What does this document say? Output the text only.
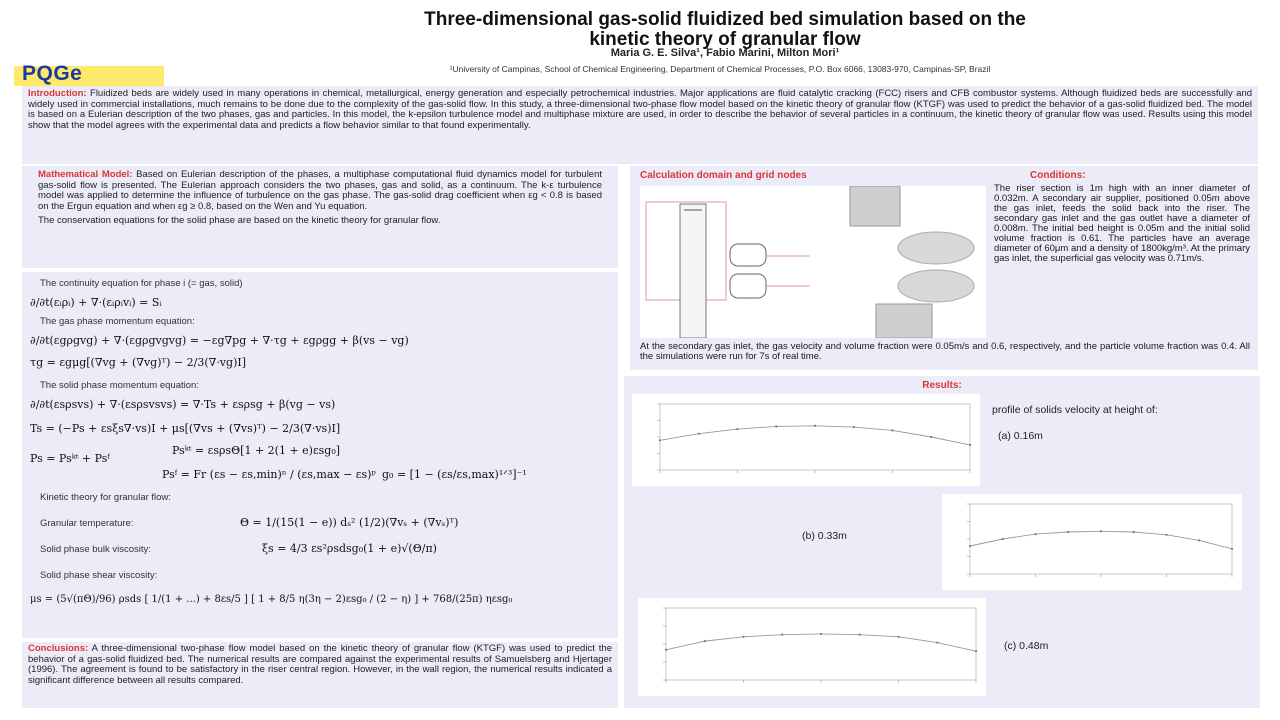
Three-dimensional gas-solid fluidized bed simulation based on the
kinetic theory of granular flow
Maria G. E. Silva¹, Fabio Marini, Milton Mori¹
¹University of Campinas, School of Chemical Engineering, Department of Chemical Processes, P.O. Box 6066, 13083-970, Campinas-SP, Brazil
PQGe
Introduction: Fluidized beds are widely used in many operations in chemical, metallurgical, energy generation and especially petrochemical industries. Major applications are fluid catalytic cracking (FCC) risers and CFB combustor systems. Although fluidized beds are successfully and widely used in commercial installations, much remains to be done due to the complexity of the gas-solid flow. In this study, a three-dimensional two-phase flow model based on the kinetic theory of granular flow (KTGF) was used to predict the behavior of a gas-solid fluidized bed. The model is based on a Eulerian description of the two phases, gas and particles. In this model, the k-epsilon turbulence model and multiphase mixture are used, in order to describe the behavior of several particles in a continuum, the kinetic theory of granular flow was used. Results using this model show that the model agrees with the experimental data and predicts a flow behavior similar to that found experimentally.
Mathematical Model: Based on Eulerian description of the phases, a multiphase computational fluid dynamics model for turbulent gas-solid flow is presented. The Eulerian approach considers the two phases, gas and solid, as a continuum. The k-ε turbulence model was applied to determine the influence of turbulence on the gas phase. The gas-solid drag coefficient when εg < 0.8 is based on the Ergun equation and when εg ≥ 0.8, based on the Wen and Yu equation.
The conservation equations for the solid phase are based on the kinetic theory for granular flow.
The continuity equation for phase i (= gas, solid)
∂/∂t(εᵢρᵢ) + ∇·(εᵢρᵢvᵢ) = Sᵢ
The gas phase momentum equation:
∂/∂t(εgρgvg) + ∇·(εgρgvgvg) = −εg∇pg + ∇·τg + εgρgg + β(vs − vg)
τg = εgμg[(∇vg + (∇vg)ᵀ) − 2/3(∇·vg)I]
The solid phase momentum equation:
∂/∂t(εsρsvs) + ∇·(εsρsvsvs) = ∇·Ts + εsρsg + β(vg − vs)
Ts = (−Ps + εsξs∇·vs)I + μs[(∇vs + (∇vs)ᵀ) − 2/3(∇·vs)I]
Ps = Psᵏᵗ + Psᶠ
Psᵏᵗ = εsρsΘ[1 + 2(1 + e)εsg₀]
Psᶠ = Fr (εs − εs,min)ⁿ / (εs,max − εs)ᵖ g₀ = [1 − (εs/εs,max)¹ᐟ³]⁻¹
Kinetic theory for granular flow:
Granular temperature:	Θ = 1/(15(1 − e)) dₛ² (1/2)(∇vₛ + (∇vₛ)ᵀ)
Solid phase bulk viscosity:	ξs = 4/3 εs²ρsdsg₀(1 + e)√(Θ/π)
Solid phase shear viscosity:
μs = (5√(πΘ)/96) ρsds [ 1/(1 + ...) + 8εs/5 ] [ 1 + 8/5 η(3η − 2)εsg₀ / (2 − η) ] + 768/(25π) ηεsg₀
Conclusions: A three-dimensional two-phase flow model based on the kinetic theory of granular flow (KTGF) was used to predict the behavior of a gas-solid fluidized bed. The numerical results are compared against the experimental results of Samuelsberg and Hjertager (1996). The agreement is found to be satisfactory in the riser central region. However, in the wall region, the numerical results indicated a significant difference between all results compared.
Calculation domain and grid nodes	Conditions:
The riser section is 1m high with an inner diameter of 0.032m. A secondary air supplier, positioned 0.05m above the gas inlet, feeds the solid back into the riser. The secondary gas inlet and the gas outlet have a diameter of 0.008m. The initial bed height is 0.05m and the initial solid volume fraction is 0.61. The particles have an average diameter of 60μm and a density of 1800kg/m³. At the primary gas inlet, the superficial gas velocity was 0.71m/s.
At the secondary gas inlet, the gas velocity and volume fraction were 0.05m/s and 0.6, respectively, and the particle volume fraction was 0.4. All the simulations were run for 7s of real time.
Results:
profile of solids velocity at height of:
(a) 0.16m
(b) 0.33m
(c) 0.48m
